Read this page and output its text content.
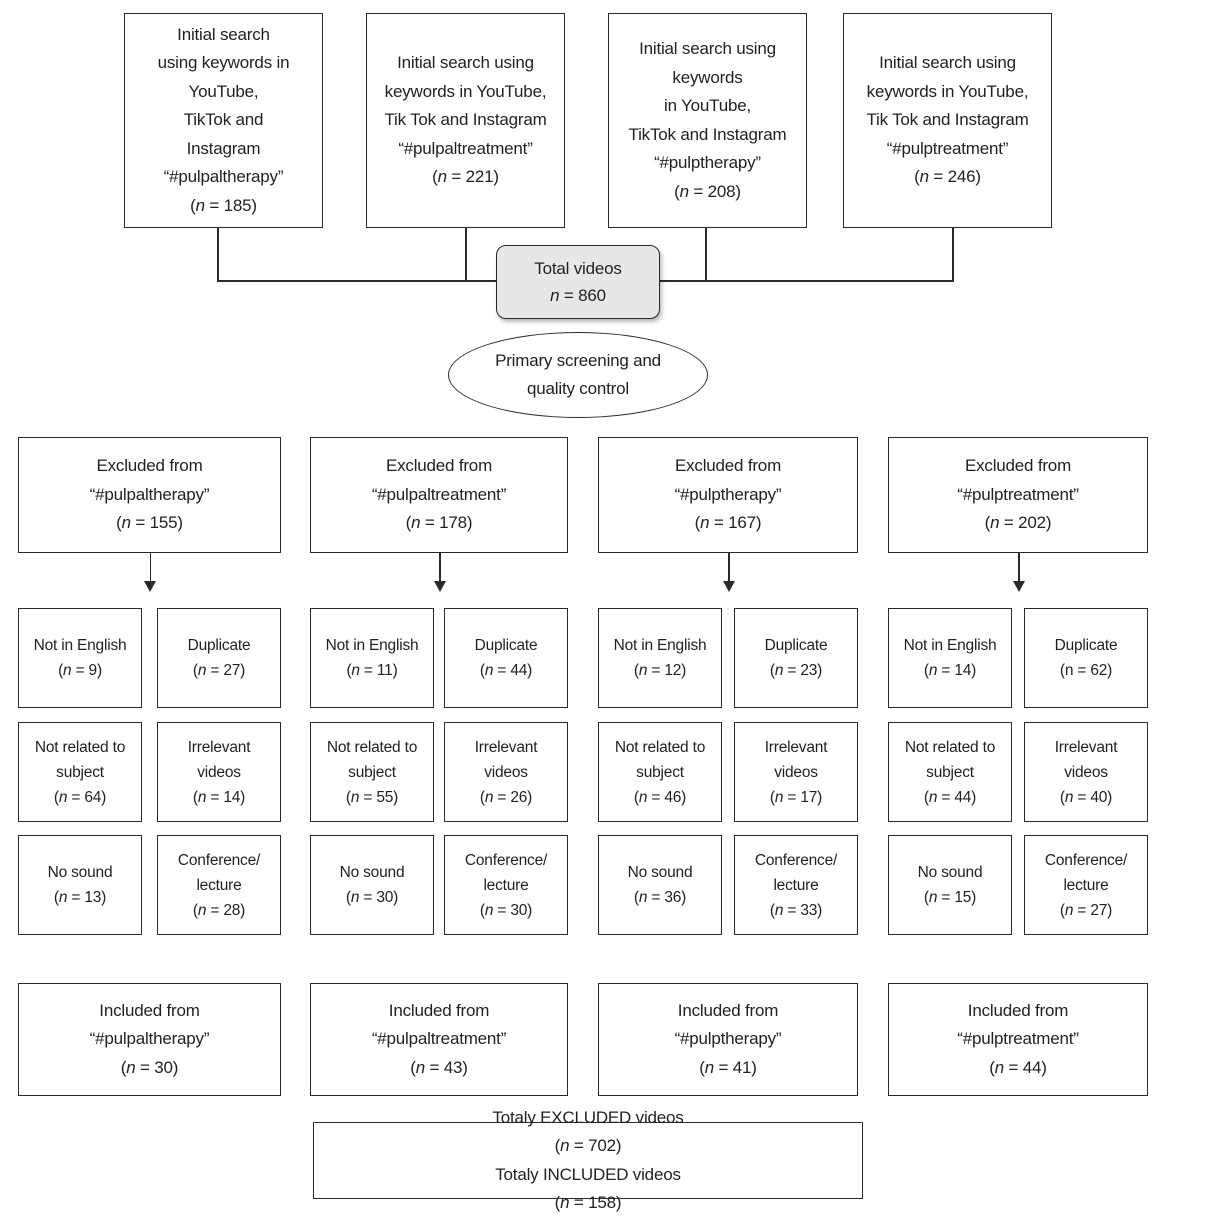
Initial search
using keywords in
YouTube,
TikTok and
Instagram
“#pulpaltherapy”
(n = 185)
Initial search using
keywords in YouTube,
Tik Tok and Instagram
“#pulpaltreatment”
(n = 221)
Initial search using
keywords
in YouTube,
TikTok and Instagram
“#pulptherapy”
(n = 208)
Initial search using
keywords in YouTube,
Tik Tok and Instagram
“#pulptreatment”
(n = 246)
Total videos
n = 860
Primary screening and
quality control
Excluded from
“#pulpaltherapy”
(n = 155)
Not in English
(n = 9)
Duplicate
(n = 27)
Not related to
subject
(n = 64)
Irrelevant
videos
(n = 14)
No sound
(n = 13)
Conference/
lecture
(n = 28)
Included from
“#pulpaltherapy”
(n = 30)
Excluded from
“#pulpaltreatment”
(n = 178)
Not in English
(n = 11)
Duplicate
(n = 44)
Not related to
subject
(n = 55)
Irrelevant
videos
(n = 26)
No sound
(n = 30)
Conference/
lecture
(n = 30)
Included from
“#pulpaltreatment”
(n = 43)
Excluded from
“#pulptherapy”
(n = 167)
Not in English
(n = 12)
Duplicate
(n = 23)
Not related to
subject
(n = 46)
Irrelevant
videos
(n = 17)
No sound
(n = 36)
Conference/
lecture
(n = 33)
Included from
“#pulptherapy”
(n = 41)
Excluded from
“#pulptreatment”
(n = 202)
Not in English
(n = 14)
Duplicate
(n = 62)
Not related to
subject
(n = 44)
Irrelevant
videos
(n = 40)
No sound
(n = 15)
Conference/
lecture
(n = 27)
Included from
“#pulptreatment”
(n = 44)
Totaly EXCLUDED videos
(n = 702)
Totaly INCLUDED videos
(n = 158)
